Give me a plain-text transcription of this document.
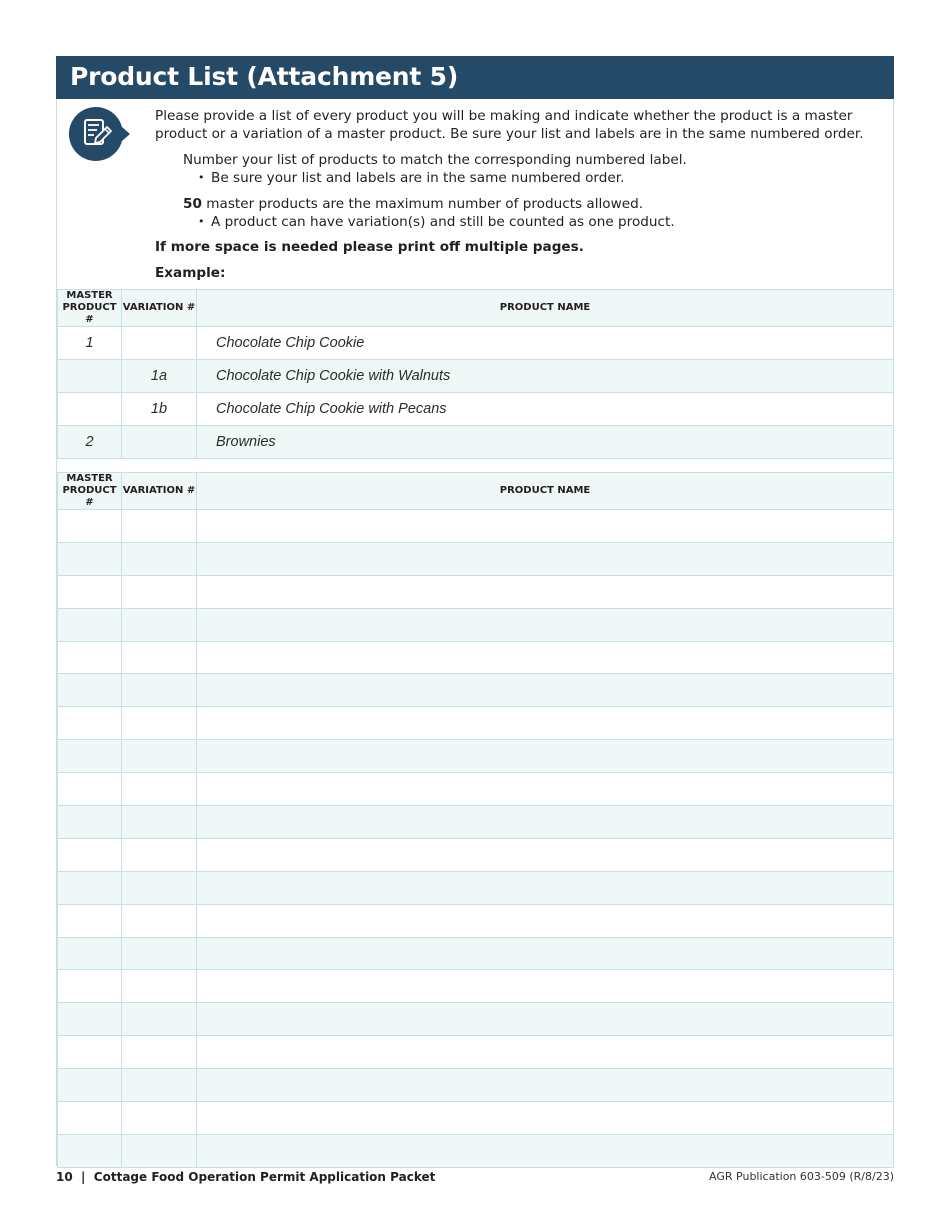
Product List (Attachment 5)
Please provide a list of every product you will be making and indicate whether the product is a master
product or a variation of a master product. Be sure your list and labels are in the same numbered order.
Number your list of products to match the corresponding numbered label.
• Be sure your list and labels are in the same numbered order.
50 master products are the maximum number of products allowed.
• A product can have variation(s) and still be counted as one product.
If more space is needed please print off multiple pages.
Example:
MASTER
PRODUCT #	VARIATION #	PRODUCT NAME
1		Chocolate Chip Cookie
	1a	Chocolate Chip Cookie with Walnuts
	1b	Chocolate Chip Cookie with Pecans
2		Brownies
MASTER
PRODUCT #	VARIATION #	PRODUCT NAME

10  |  Cottage Food Operation Permit Application Packet	AGR Publication 603-509 (R/8/23)
